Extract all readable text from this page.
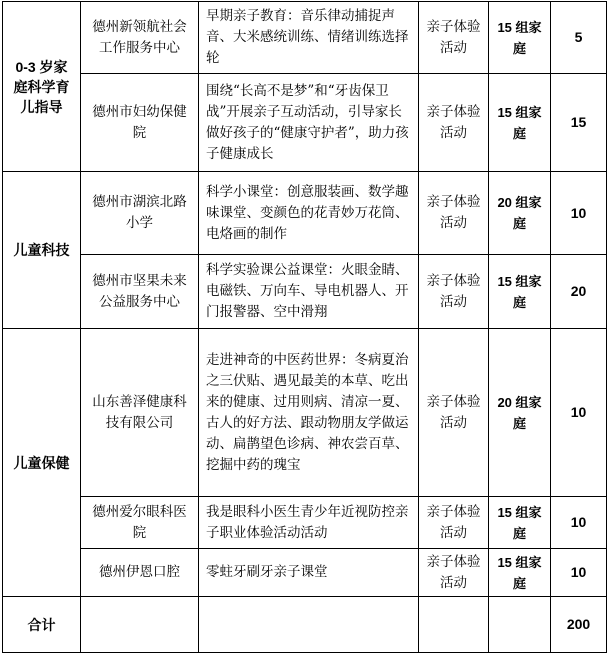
0-3 岁家庭科学育儿指导	德州新领航社会工作服务中心	早期亲子教育：音乐律动捕捉声音、大米感统训练、情绪训练选择轮	亲子体验活动	15 组家庭	5
	德州市妇幼保健院	围绕“长高不是梦”和“牙齿保卫战”开展亲子互动活动，引导家长做好孩子的“健康守护者”，助力孩子健康成长	亲子体验活动	15 组家庭	15
儿童科技	德州市湖滨北路小学	科学小课堂：创意服装画、数学趣味课堂、变颜色的花青妙万花筒、电烙画的制作	亲子体验活动	20 组家庭	10
	德州市坚果未来公益服务中心	科学实验课公益课堂：火眼金睛、电磁铁、万向车、导电机器人、开门报警器、空中滑翔	亲子体验活动	15 组家庭	20
儿童保健	山东善泽健康科技有限公司	走进神奇的中医药世界：冬病夏治之三伏贴、遇见最美的本草、吃出来的健康、过用则病、清凉一夏、古人的好方法、跟动物朋友学做运动、扁鹊望色诊病、神农尝百草、挖掘中药的瑰宝	亲子体验活动	20 组家庭	10
	德州爱尔眼科医院	我是眼科小医生青少年近视防控亲子职业体验活动活动	亲子体验活动	15 组家庭	10
	德州伊恩口腔	零蛀牙刷牙亲子课堂	亲子体验活动	15 组家庭	10
合计					200
